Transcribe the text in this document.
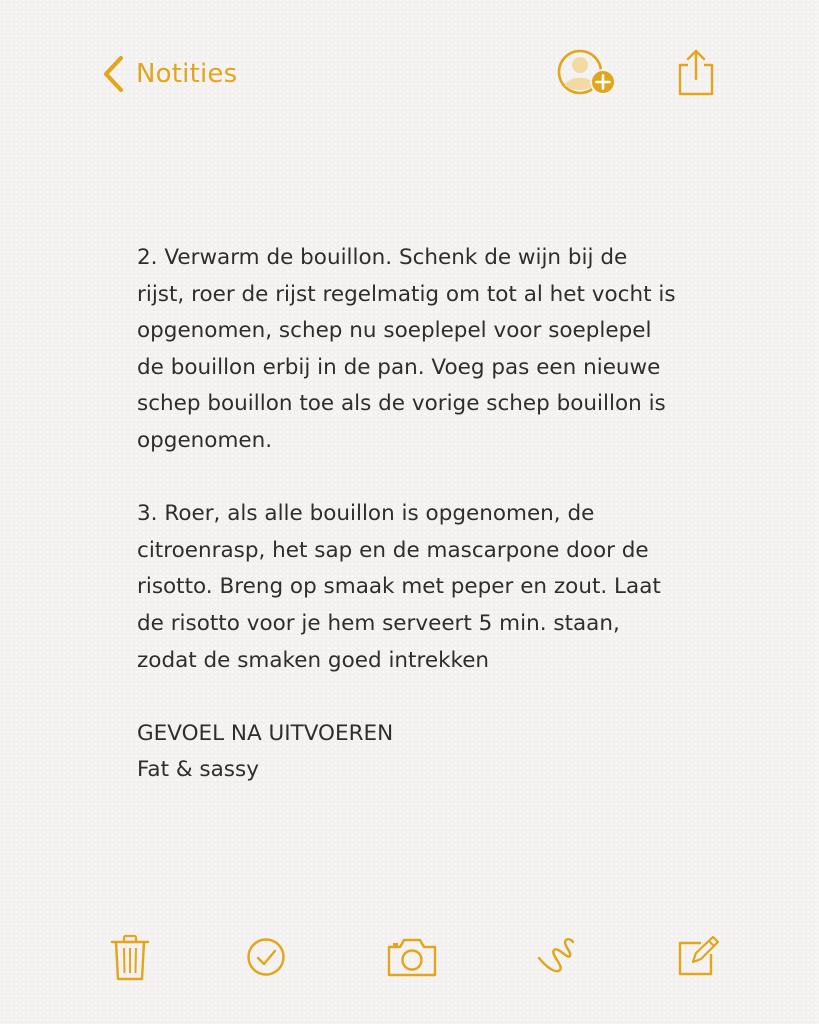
Notities

2. Verwarm de bouillon. Schenk de wijn bij de
rijst, roer de rijst regelmatig om tot al het vocht is
opgenomen, schep nu soeplepel voor soeplepel
de bouillon erbij in de pan. Voeg pas een nieuwe
schep bouillon toe als de vorige schep bouillon is
opgenomen.

3. Roer, als alle bouillon is opgenomen, de
citroenrasp, het sap en de mascarpone door de
risotto. Breng op smaak met peper en zout. Laat
de risotto voor je hem serveert 5 min. staan,
zodat de smaken goed intrekken

GEVOEL NA UITVOEREN

Fat & sassy
